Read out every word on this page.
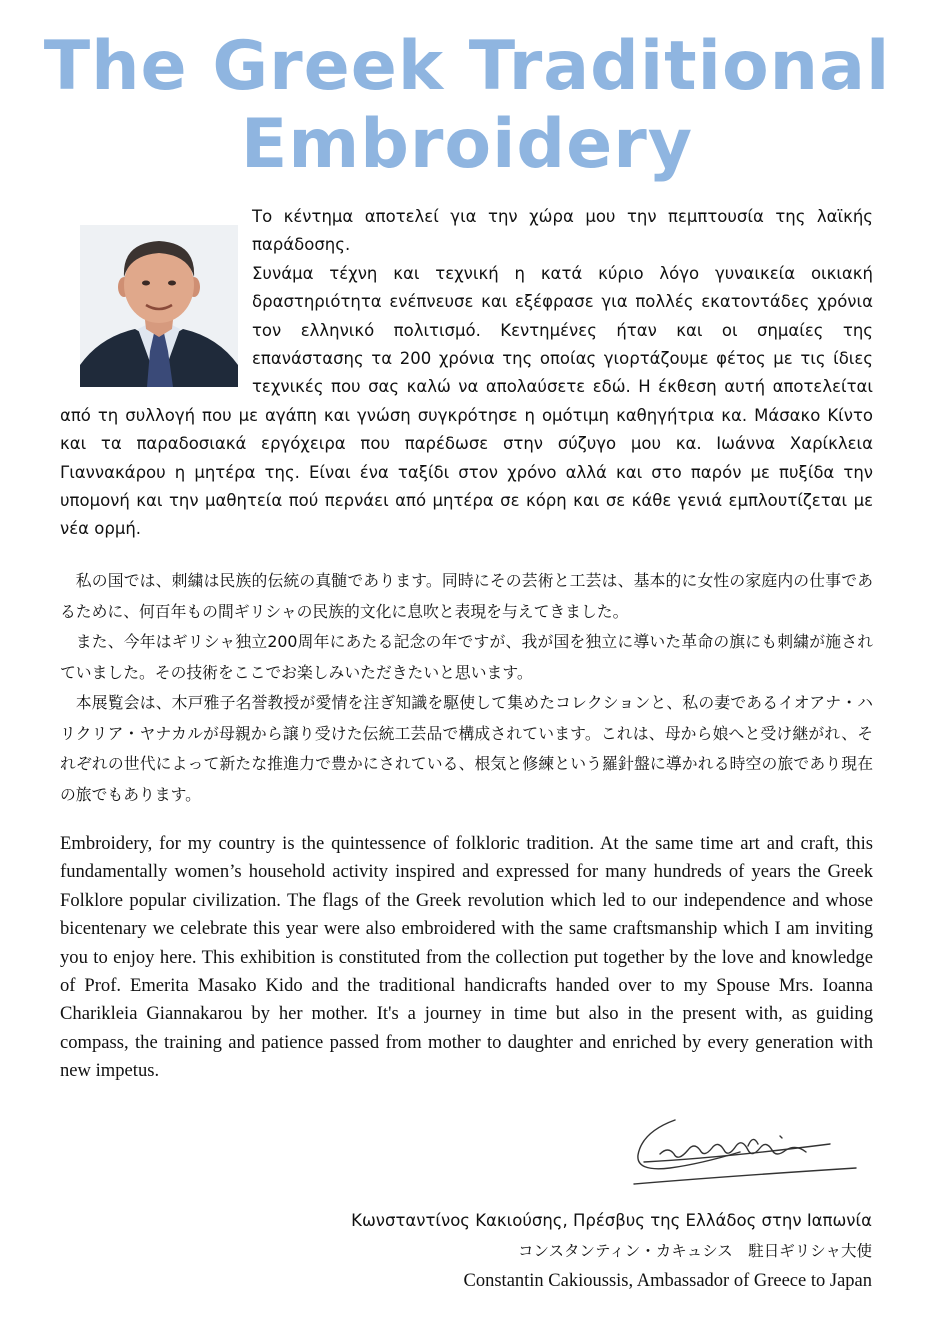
The Greek Traditional
Embroidery

Το κέντημα αποτελεί για την χώρα μου την πεμπτουσία της λαϊκής παράδοσης.

Συνάμα τέχνη και τεχνική η κατά κύριο λόγο γυναικεία οικιακή δραστηριότητα ενέπνευσε και εξέφρασε για πολλές εκατοντάδες χρόνια τον ελληνικό πολιτισμό. Κεντημένες ήταν και οι σημαίες της επανάστασης τα 200 χρόνια της οποίας γιορτάζουμε φέτος με τις ίδιες τεχνικές που σας καλώ να απολαύσετε εδώ. Η έκθεση αυτή αποτελείται από τη συλλογή που με αγάπη και γνώση συγκρότησε η ομότιμη καθηγήτρια κα. Μάσακο Κίντο και τα παραδοσιακά εργόχειρα που παρέδωσε στην σύζυγο μου κα. Ιωάννα Χαρίκλεια Γιαννακάρου η μητέρα της. Είναι ένα ταξίδι στον χρόνο αλλά και στο παρόν με πυξίδα την υπομονή και την μαθητεία πού περνάει από μητέρα σε κόρη και σε κάθε γενιά εμπλουτίζεται με νέα ορμή.

私の国では、刺繍は民族的伝統の真髄であります。同時にその芸術と工芸は、基本的に女性の家庭内の仕事であるために、何百年もの間ギリシャの民族的文化に息吹と表現を与えてきました。

また、今年はギリシャ独立200周年にあたる記念の年ですが、我が国を独立に導いた革命の旗にも刺繍が施されていました。その技術をここでお楽しみいただきたいと思います。

本展覧会は、木戸雅子名誉教授が愛情を注ぎ知識を駆使して集めたコレクションと、私の妻であるイオアナ・ハリクリア・ヤナカルが母親から譲り受けた伝統工芸品で構成されています。これは、母から娘へと受け継がれ、それぞれの世代によって新たな推進力で豊かにされている、根気と修練という羅針盤に導かれる時空の旅であり現在の旅でもあります。

Embroidery, for my country is the quintessence of folkloric tradition. At the same time art and craft, this fundamentally women’s household activity inspired and expressed for many hundreds of years the Greek Folklore popular civilization. The flags of the Greek revolution which led to our independence and whose bicentenary we celebrate this year were also embroidered with the same craftsmanship which I am inviting you to enjoy here. This exhibition is constituted from the collection put together by the love and knowledge of Prof. Emerita Masako Kido and the traditional handicrafts handed over to my Spouse Mrs. Ioanna Charikleia Giannakarou by her mother. It's a journey in time but also in the present with, as guiding compass, the training and patience passed from mother to daughter and enriched by every generation with new impetus.

Κωνσταντίνος Κακιούσης, Πρέσβυς της Ελλάδος στην Ιαπωνία
コンスタンティン・カキュシス　駐日ギリシャ大使
Constantin Cakioussis, Ambassador of Greece to Japan
